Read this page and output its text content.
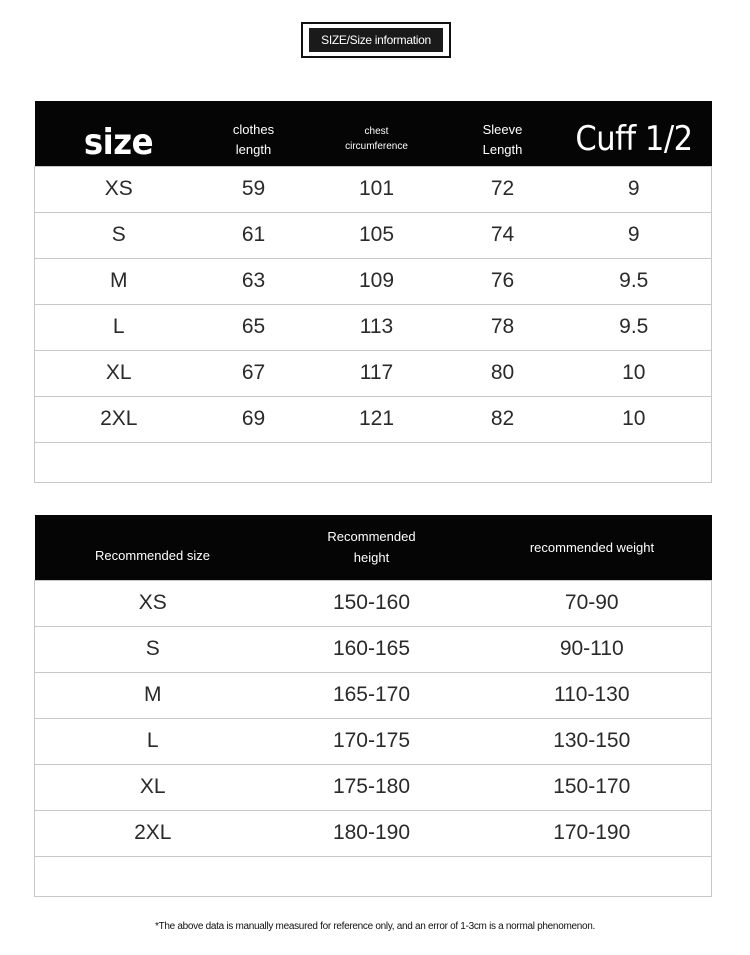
SIZE/Size information
size	clothes length	chest circumference	Sleeve Length	Cuff 1/2
XS	59	101	72	9
S	61	105	74	9
M	63	109	76	9.5
L	65	113	78	9.5
XL	67	117	80	10
2XL	69	121	82	10

Recommended size	Recommended height	recommended weight
XS	150-160	70-90
S	160-165	90-110
M	165-170	110-130
L	170-175	130-150
XL	175-180	150-170
2XL	180-190	170-190

*The above data is manually measured for reference only, and an error of 1-3cm is a normal phenomenon.
